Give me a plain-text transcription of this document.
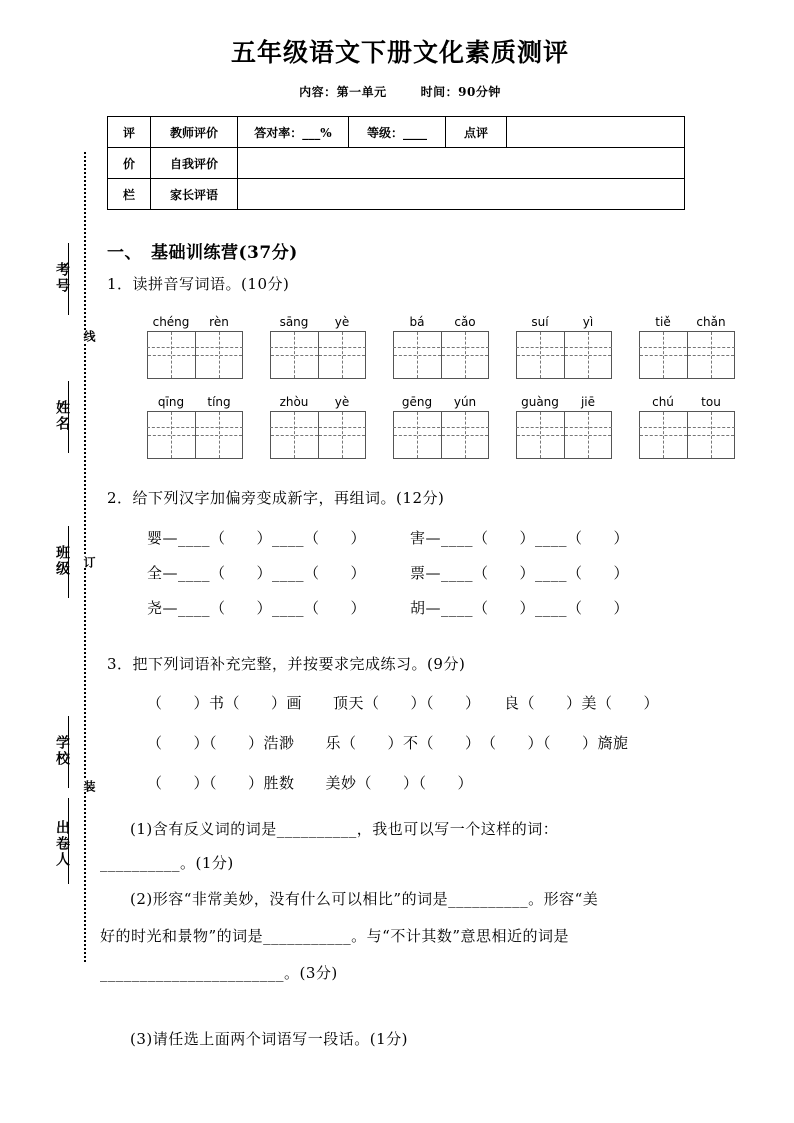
线
订
装
考号
姓名
班级
学校
出卷人
五年级语文下册文化素质测评
内容：第一单元	时间：90分钟
评	教师评价	答对率：___%	等级：____	点评	
价	自我评价				
栏	家长评语				
一、　基础训练营(37分)
1．读拼音写词语。(10分)
chéng	rèn	sāng	yè	bá	cǎo	suí	yì	tiě	chǎn
qīng	tíng	zhòu	yè	gēng	yún	guàng	jiē	chú	tou
2．给下列汉字加偏旁变成新字，再组词。(12分)
婴—____（　　）____（　　）	害—____（　　）____（　　）
全—____（　　）____（　　）	票—____（　　）____（　　）
尧—____（　　）____（　　）	胡—____（　　）____（　　）
3．把下列词语补充完整，并按要求完成练习。(9分)
（　　）书（　　）画　　顶天（　　）（　　）　　良（　　）美（　　）
（　　）（　　）浩渺　　乐（　　）不（　　）　（　　）（　　）旖旎
（　　）（　　）胜数　　美妙（　　）（　　）
(1)含有反义词的词是__________，我也可以写一个这样的词：
__________。(1分)
(2)形容“非常美妙，没有什么可以相比”的词是__________。形容“美
好的时光和景物”的词是___________。与“不计其数”意思相近的词是
_______________________。(3分)
(3)请任选上面两个词语写一段话。(1分)
